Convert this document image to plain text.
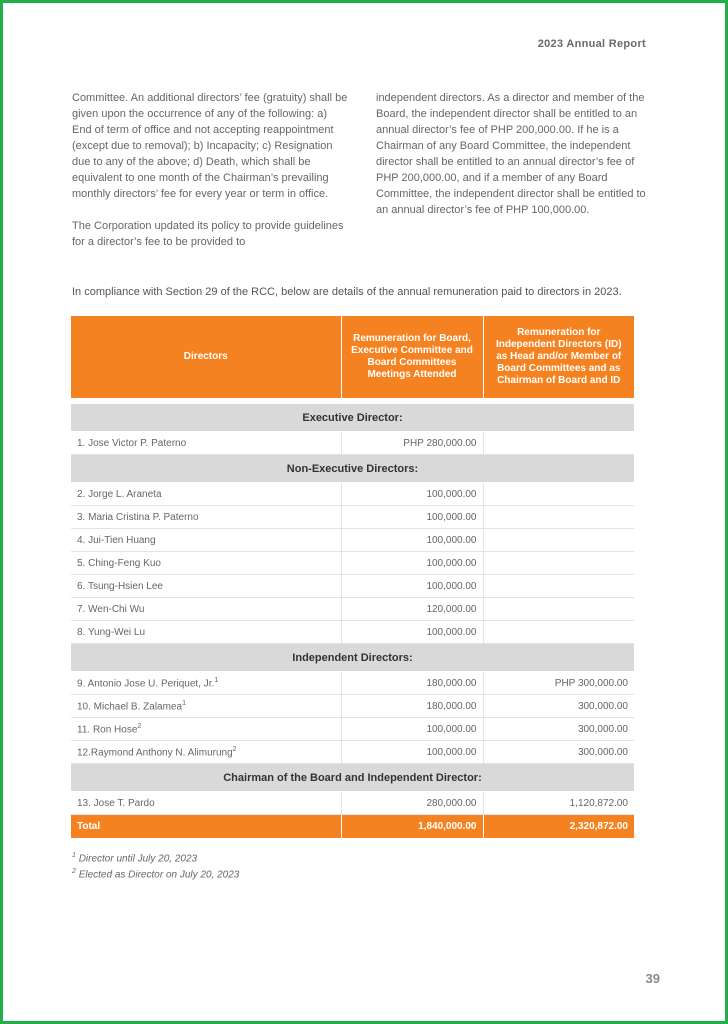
2023 Annual Report

Committee. An additional directors’ fee (gratuity) shall be given upon the occurrence of any of the following: a) End of term of office and not accepting reappointment (except due to removal); b) Incapacity; c) Resignation due to any of the above; d) Death, which shall be equivalent to one month of the Chairman’s prevailing monthly directors’ fee for every year or term in office.

The Corporation updated its policy to provide guidelines for a director’s fee to be provided to

independent directors. As a director and member of the Board, the independent director shall be entitled to an annual director’s fee of PHP 200,000.00. If he is a Chairman of any Board Committee, the independent director shall be entitled to an annual director’s fee of PHP 200,000.00, and if a member of any Board Committee, the independent director shall be entitled to an annual director’s fee of PHP 100,000.00.

In compliance with Section 29 of the RCC, below are details of the annual remuneration paid to directors in 2023.
Directors	Remuneration for Board, Executive Committee and Board Committees Meetings Attended	Remuneration for Independent Directors (ID) as Head and/or Member of Board Committees and as Chairman of Board and ID

Executive Director:		
1. Jose Victor P. Paterno	PHP 280,000.00	
Non-Executive Directors:		
2. Jorge L. Araneta	100,000.00	
3. Maria Cristina P. Paterno	100,000.00	
4. Jui-Tien Huang	100,000.00	
5. Ching-Feng Kuo	100,000.00	
6. Tsung-Hsien Lee	100,000.00	
7. Wen-Chi Wu	120,000.00	
8. Yung-Wei Lu	100,000.00	
Independent Directors:		
9. Antonio Jose U. Periquet, Jr.$^1$	180,000.00	PHP 300,000.00
10. Michael B. Zalamea$^1$	180,000.00	300,000.00
11. Ron Hose$^2$	100,000.00	300,000.00
12.Raymond Anthony N. Alimurung$^2$	100,000.00	300,000.00
Chairman of the Board and Independent Director:		
13. Jose T. Pardo	280,000.00	1,120,872.00
Total	1,840,000.00	2,320,872.00
$^1$ Director until July 20, 2023
$^2$ Elected as Director on July 20, 2023
39
